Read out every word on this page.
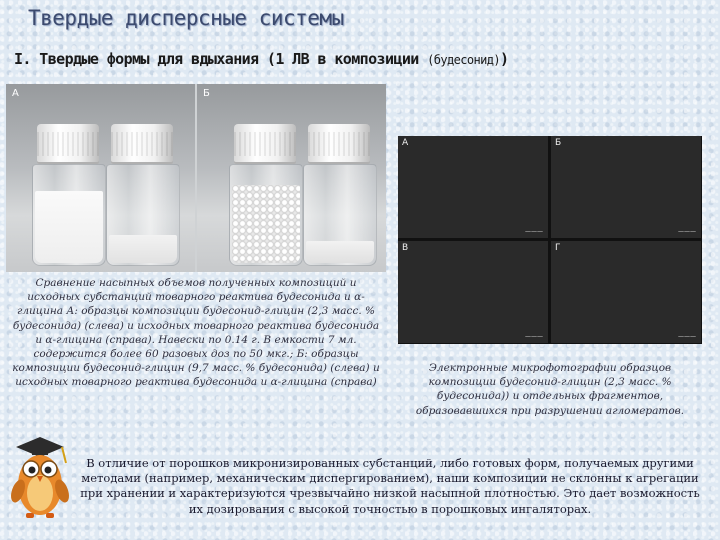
Твердые дисперсные системы
I. Твердые формы для вдыхания (1 ЛВ в композиции (будесонид))
А	Б
Сравнение насыпных объемов полученных композиций и исходных субстанций товарного реактива будесонида и α-глицина А: образцы композиции будесонид-глицин (2,3 масс. % будесонида) (слева) и исходных товарного реактива будесонида и α-глицина (справа). Навески по 0.14 г. В емкости 7 мл. содержится более 60 разовых доз по 50 мкг.; Б: образцы композиции будесонид-глицин (9,7 масс. % будесонида) (слева) и исходных товарного реактива будесонида и α-глицина (справа)
А
———
Б
———
В
———
Г
———
Электронные микрофотографии образцов композиции будесонид-глицин (2,3 масс. % будесонида)) и отдельных фрагментов, образовавшихся при разрушении агломератов.
В отличие от порошков микронизированных субстанций, либо готовых форм, получаемых другими методами (например, механическим диспергированием), наши композиции не склонны к агрегации при хранении и характеризуются чрезвычайно низкой насыпной плотностью. Это дает возможность их дозирования с высокой точностью в порошковых ингаляторах.
